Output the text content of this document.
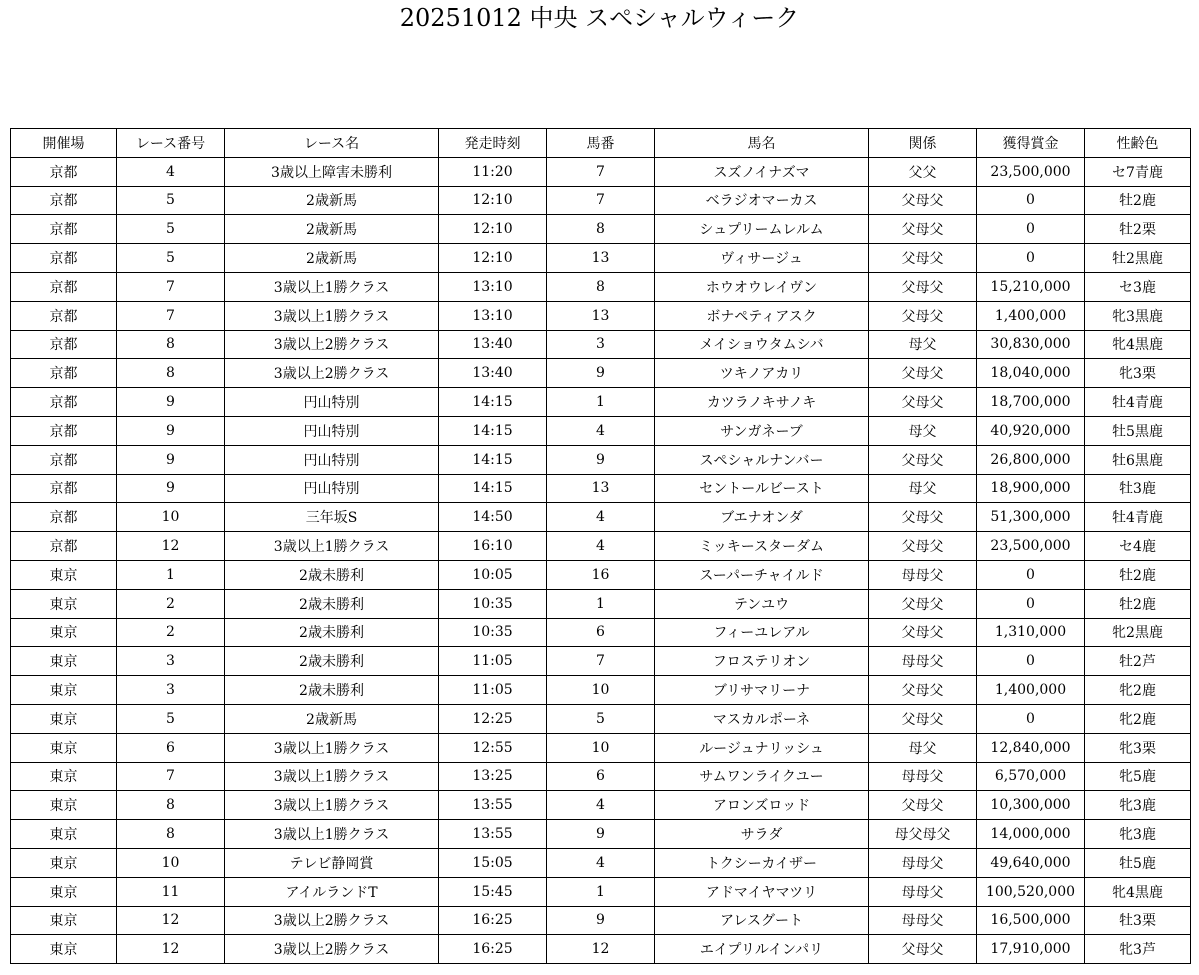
20251012 中央 スペシャルウィーク
開催場	レース番号	レース名	発走時刻	馬番	馬名	関係	獲得賞金	性齢色
京都	4	3歳以上障害未勝利	11:20	7	スズノイナズマ	父父	23,500,000	セ7青鹿
京都	5	2歳新馬	12:10	7	ベラジオマーカス	父母父	0	牡2鹿
京都	5	2歳新馬	12:10	8	シュプリームレルム	父母父	0	牡2栗
京都	5	2歳新馬	12:10	13	ヴィサージュ	父母父	0	牡2黒鹿
京都	7	3歳以上1勝クラス	13:10	8	ホウオウレイヴン	父母父	15,210,000	セ3鹿
京都	7	3歳以上1勝クラス	13:10	13	ボナペティアスク	父母父	1,400,000	牝3黒鹿
京都	8	3歳以上2勝クラス	13:40	3	メイショウタムシバ	母父	30,830,000	牝4黒鹿
京都	8	3歳以上2勝クラス	13:40	9	ツキノアカリ	父母父	18,040,000	牝3栗
京都	9	円山特別	14:15	1	カツラノキサノキ	父母父	18,700,000	牡4青鹿
京都	9	円山特別	14:15	4	サンガネーブ	母父	40,920,000	牡5黒鹿
京都	9	円山特別	14:15	9	スペシャルナンバー	父母父	26,800,000	牡6黒鹿
京都	9	円山特別	14:15	13	セントールビースト	母父	18,900,000	牡3鹿
京都	10	三年坂S	14:50	4	ブエナオンダ	父母父	51,300,000	牡4青鹿
京都	12	3歳以上1勝クラス	16:10	4	ミッキースターダム	父母父	23,500,000	セ4鹿
東京	1	2歳未勝利	10:05	16	スーパーチャイルド	母母父	0	牡2鹿
東京	2	2歳未勝利	10:35	1	テンユウ	父母父	0	牡2鹿
東京	2	2歳未勝利	10:35	6	フィーユレアル	父母父	1,310,000	牝2黒鹿
東京	3	2歳未勝利	11:05	7	フロステリオン	母母父	0	牡2芦
東京	3	2歳未勝利	11:05	10	ブリサマリーナ	父母父	1,400,000	牝2鹿
東京	5	2歳新馬	12:25	5	マスカルポーネ	父母父	0	牝2鹿
東京	6	3歳以上1勝クラス	12:55	10	ルージュナリッシュ	母父	12,840,000	牝3栗
東京	7	3歳以上1勝クラス	13:25	6	サムワンライクユー	母母父	6,570,000	牝5鹿
東京	8	3歳以上1勝クラス	13:55	4	アロンズロッド	父母父	10,300,000	牝3鹿
東京	8	3歳以上1勝クラス	13:55	9	サラダ	母父母父	14,000,000	牝3鹿
東京	10	テレビ静岡賞	15:05	4	トクシーカイザー	母母父	49,640,000	牡5鹿
東京	11	アイルランドT	15:45	1	アドマイヤマツリ	母母父	100,520,000	牝4黒鹿
東京	12	3歳以上2勝クラス	16:25	9	アレスグート	母母父	16,500,000	牡3栗
東京	12	3歳以上2勝クラス	16:25	12	エイプリルインパリ	父母父	17,910,000	牝3芦
